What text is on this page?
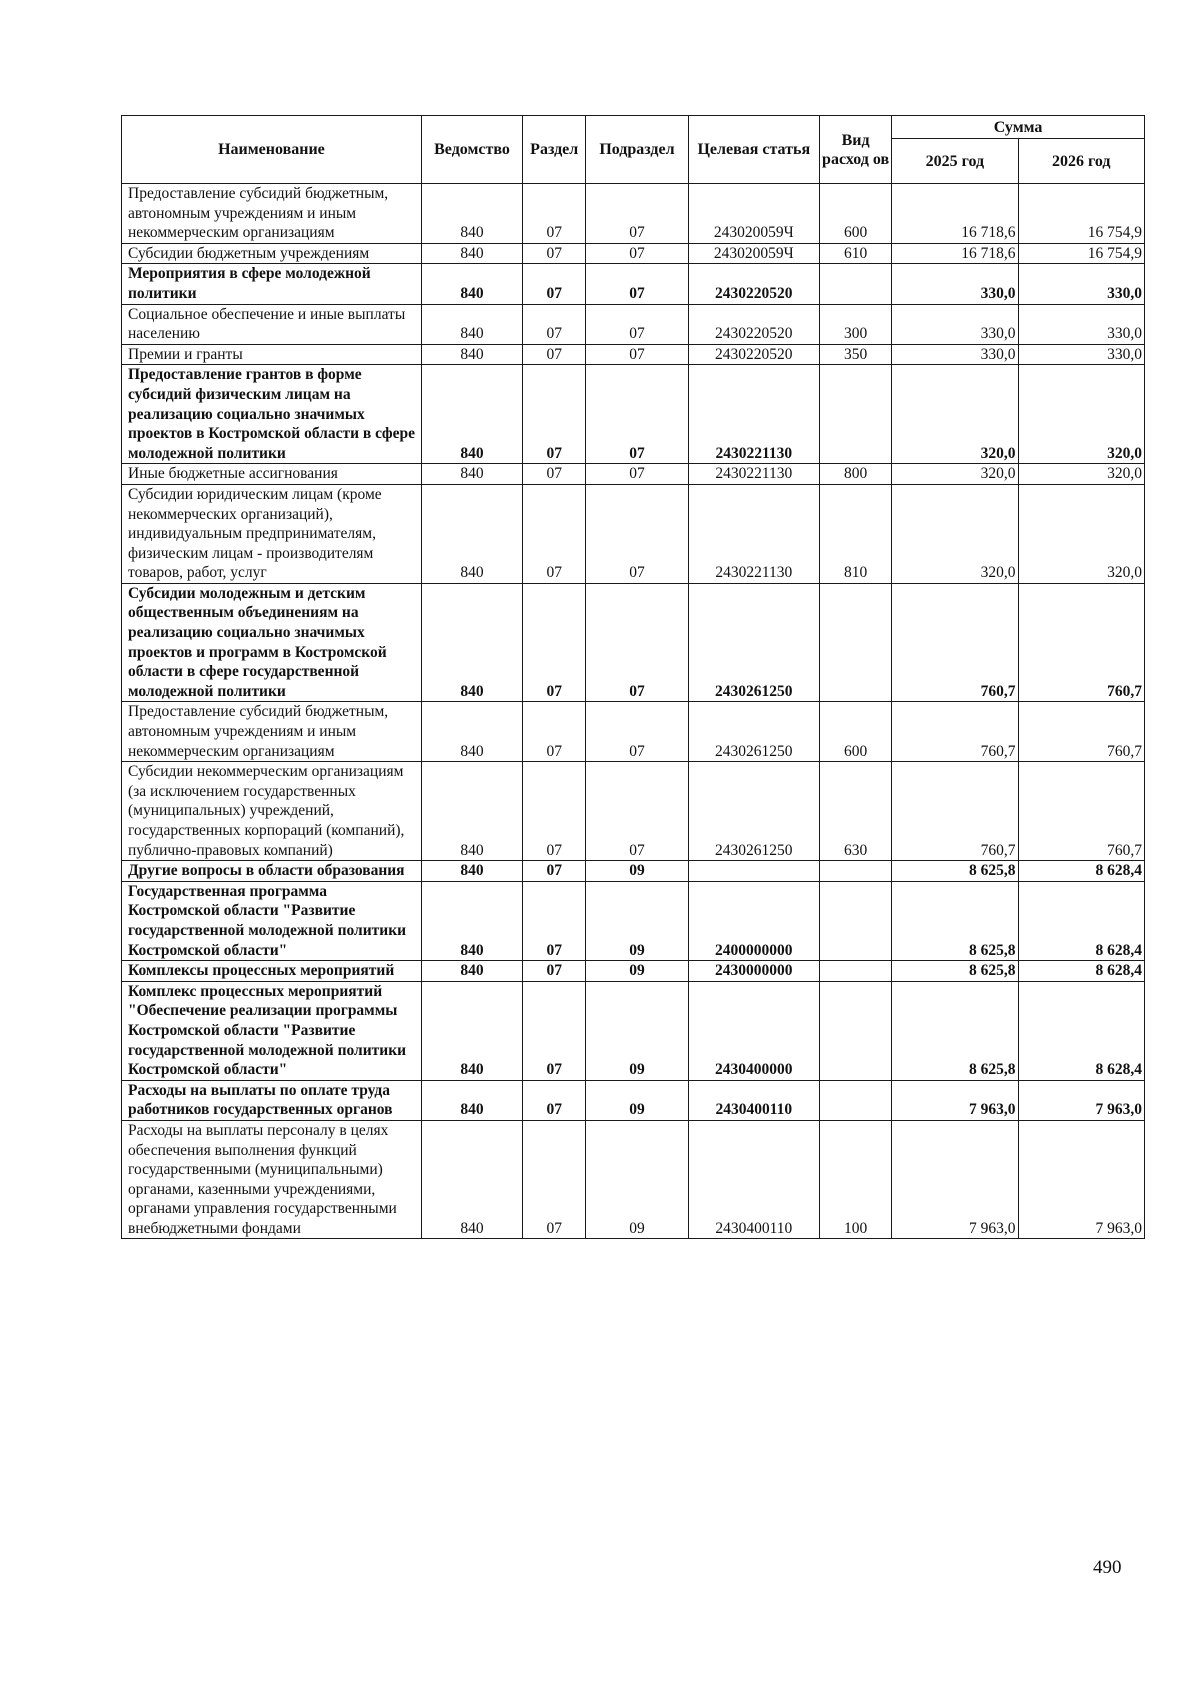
Наименование	Ведомство	Раздел	Подраздел	Целевая статья	Вид расход ов	Сумма	
						2025 год	2026 год
Предоставление субсидий бюджетным, автономным учреждениям и иным некоммерческим организациям	840	07	07	243020059Ч	600	16 718,6	16 754,9
Субсидии бюджетным учреждениям	840	07	07	243020059Ч	610	16 718,6	16 754,9
Мероприятия в сфере молодежной политики	840	07	07	2430220520		330,0	330,0
Социальное обеспечение и иные выплаты населению	840	07	07	2430220520	300	330,0	330,0
Премии и гранты	840	07	07	2430220520	350	330,0	330,0
Предоставление грантов в форме субсидий физическим лицам на реализацию социально значимых проектов в Костромской области в сфере молодежной политики	840	07	07	2430221130		320,0	320,0
Иные бюджетные ассигнования	840	07	07	2430221130	800	320,0	320,0
Субсидии юридическим лицам (кроме некоммерческих организаций), индивидуальным предпринимателям, физическим лицам - производителям товаров, работ, услуг	840	07	07	2430221130	810	320,0	320,0
Субсидии молодежным и детским общественным объединениям на реализацию социально значимых проектов и программ в Костромской области в сфере государственной молодежной политики	840	07	07	2430261250		760,7	760,7
Предоставление субсидий бюджетным, автономным учреждениям и иным некоммерческим организациям	840	07	07	2430261250	600	760,7	760,7
Субсидии некоммерческим организациям (за исключением государственных (муниципальных) учреждений, государственных корпораций (компаний), публично-правовых компаний)	840	07	07	2430261250	630	760,7	760,7
Другие вопросы в области образования	840	07	09			8 625,8	8 628,4
Государственная программа Костромской области "Развитие государственной молодежной политики Костромской области"	840	07	09	2400000000		8 625,8	8 628,4
Комплексы процессных мероприятий	840	07	09	2430000000		8 625,8	8 628,4
Комплекс процессных мероприятий "Обеспечение реализации программы Костромской области "Развитие государственной молодежной политики Костромской области"	840	07	09	2430400000		8 625,8	8 628,4
Расходы на выплаты по оплате труда работников государственных органов	840	07	09	2430400110		7 963,0	7 963,0
Расходы на выплаты персоналу в целях обеспечения выполнения функций государственными (муниципальными) органами, казенными учреждениями, органами управления государственными внебюджетными фондами	840	07	09	2430400110	100	7 963,0	7 963,0
490
